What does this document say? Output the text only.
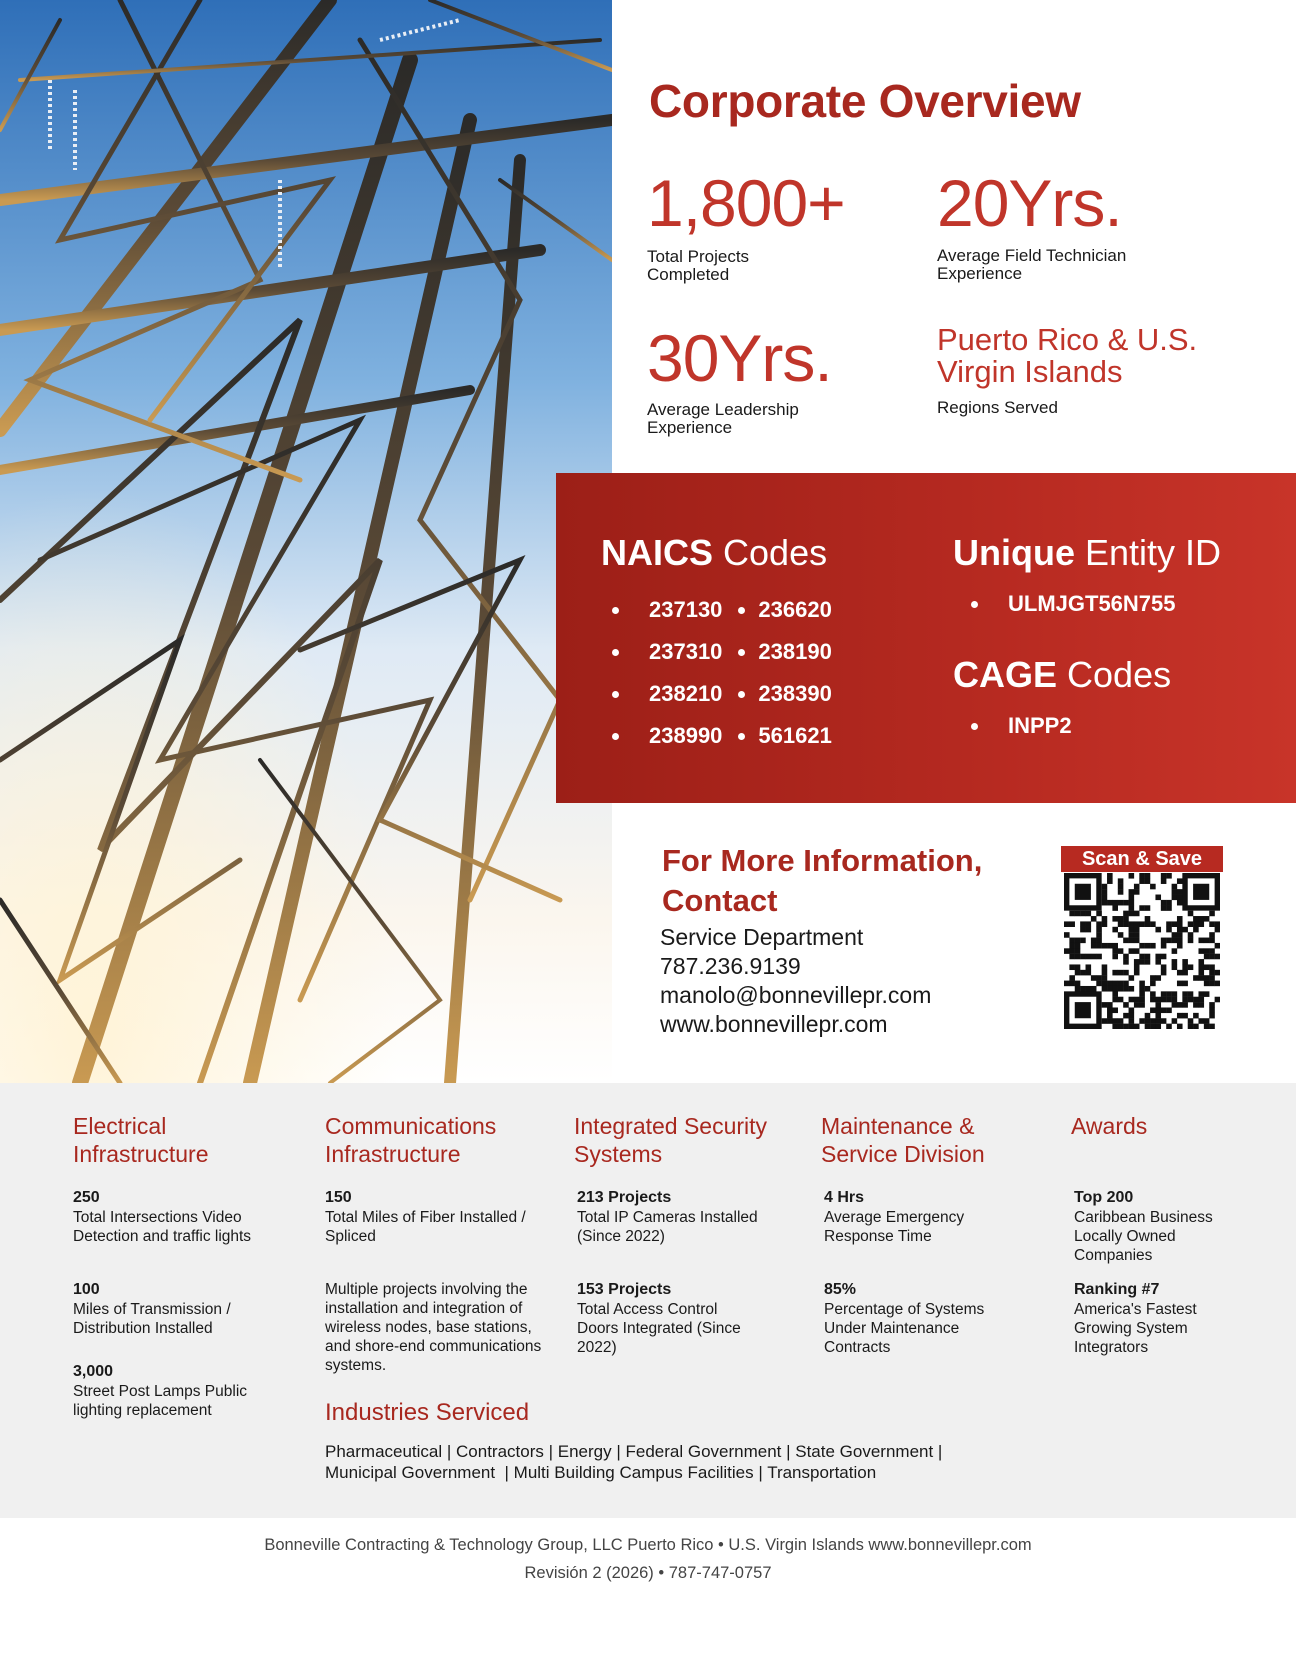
Corporate Overview
1,800+
Total Projects Completed
20Yrs.
Average Field Technician Experience
30Yrs.
Average Leadership Experience
Puerto Rico & U.S. Virgin Islands
Regions Served
NAICS Codes
237130 236620
237310 238190
238210 238390
238990 561621
Unique Entity ID
ULMJGT56N755
CAGE Codes
INPP2
For More Information, Contact
Service Department
787.236.9139
manolo@bonnevillepr.com
www.bonnevillepr.com
Scan & Save
Electrical Infrastructure
250
Total Intersections Video Detection and traffic lights
100
Miles of Transmission / Distribution Installed
3,000
Street Post Lamps Public lighting replacement
Communications Infrastructure
150
Total Miles of Fiber Installed / Spliced
Multiple projects involving the installation and integration of wireless nodes, base stations, and shore-end communications systems.
Integrated Security Systems
213 Projects
Total IP Cameras Installed (Since 2022)
153 Projects
Total Access Control Doors Integrated (Since 2022)
Maintenance & Service Division
4 Hrs
Average Emergency Response Time
85%
Percentage of Systems Under Maintenance Contracts
Awards
Top 200
Caribbean Business Locally Owned Companies
Ranking #7
America's Fastest Growing System Integrators
Industries Serviced
Pharmaceutical | Contractors | Energy | Federal Government | State Government |
Municipal Government  | Multi Building Campus Facilities | Transportation
Bonneville Contracting & Technology Group, LLC Puerto Rico • U.S. Virgin Islands www.bonnevillepr.com
Revisión 2 (2026) • 787-747-0757
